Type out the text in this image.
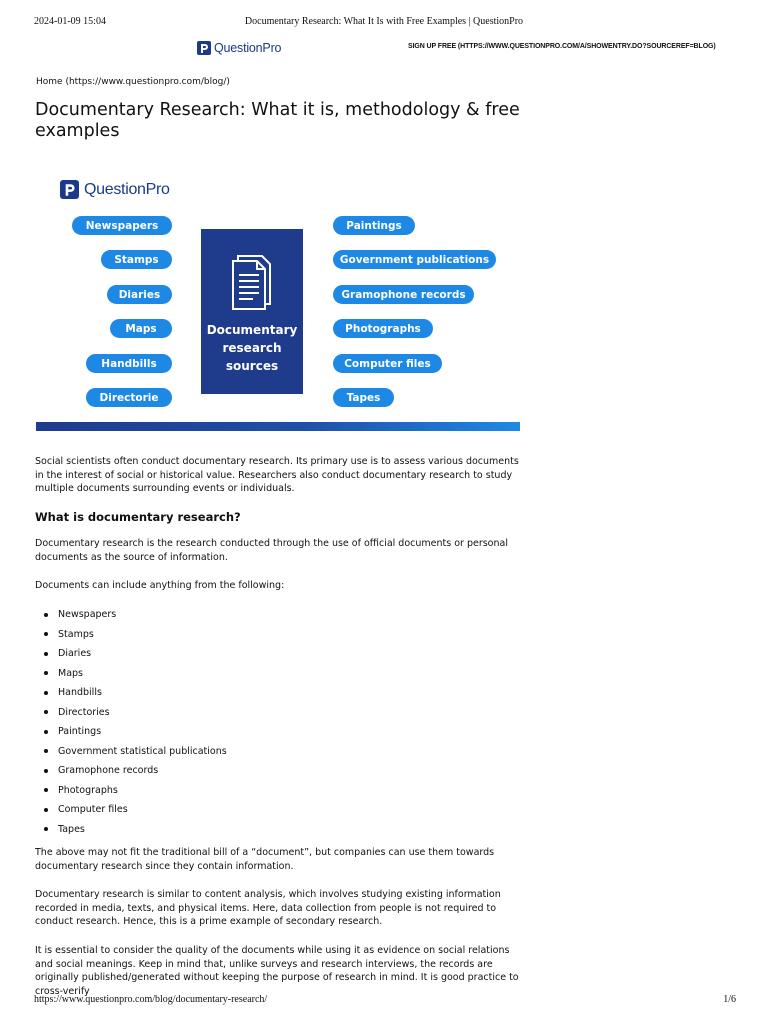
2024-01-09 15:04	Documentary Research: What It Is with Free Examples | QuestionPro
QuestionPro	SIGN UP FREE (HTTPS://WWW.QUESTIONPRO.COM/A/SHOWENTRY.DO?SOURCEREF=BLOG)
Home (https://www.questionpro.com/blog/)
Documentary Research: What it is, methodology & free examples
QuestionPro
Newspapers
Stamps
Diaries
Maps
Handbills
Directorie
Documentary
research
sources
Paintings
Government publications
Gramophone records
Photographs
Computer files
Tapes

Social scientists often conduct documentary research. Its primary use is to assess various documents in the interest of social or historical value. Researchers also conduct documentary research to study multiple documents surrounding events or individuals.

What is documentary research?

Documentary research is the research conducted through the use of official documents or personal documents as the source of information.

Documents can include anything from the following:

Newspapers
Stamps
Diaries
Maps
Handbills
Directories
Paintings
Government statistical publications
Gramophone records
Photographs
Computer files
Tapes

The above may not fit the traditional bill of a “document”, but companies can use them towards documentary research since they contain information.

Documentary research is similar to content analysis, which involves studying existing information recorded in media, texts, and physical items. Here, data collection from people is not required to conduct research. Hence, this is a prime example of secondary research.

It is essential to consider the quality of the documents while using it as evidence on social relations and social meanings. Keep in mind that, unlike surveys and research interviews, the records are originally published/generated without keeping the purpose of research in mind. It is good practice to cross-verify

https://www.questionpro.com/blog/documentary-research/	1/6
